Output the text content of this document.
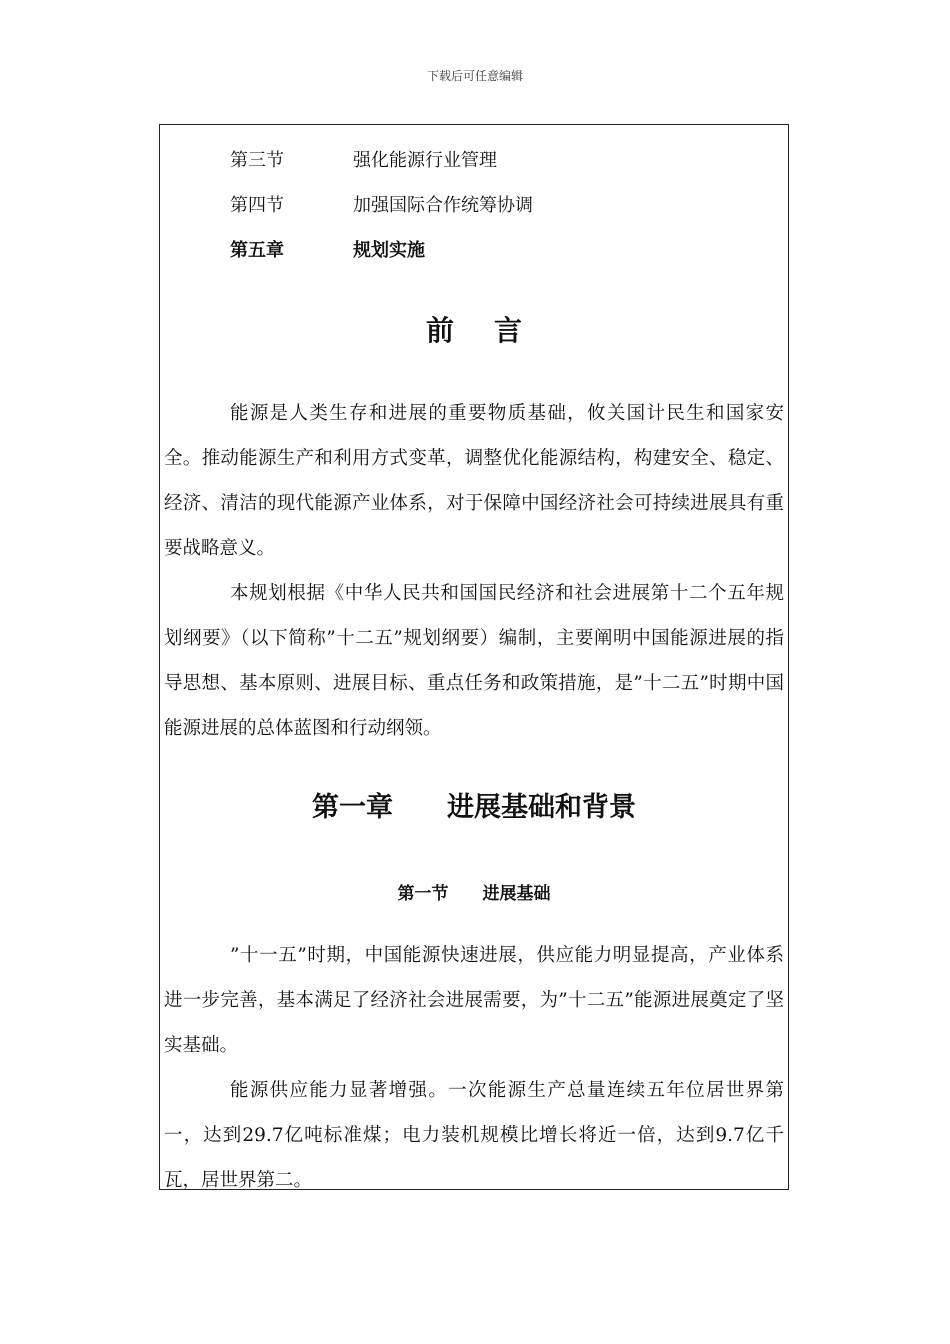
下载后可任意编辑
第三节	强化能源行业管理
第四节	加强国际合作统筹协调
第五章	规划实施
前言

能源是人类生存和进展的重要物质基础，攸关国计民生和国家安全。推动能源生产和利用方式变革，调整优化能源结构，构建安全、稳定、经济、清洁的现代能源产业体系，对于保障中国经济社会可持续进展具有重要战略意义。

本规划根据《中华人民共和国国民经济和社会进展第十二个五年规划纲要》（以下简称”十二五”规划纲要）编制，主要阐明中国能源进展的指导思想、基本原则、进展目标、重点任务和政策措施，是”十二五”时期中国能源进展的总体蓝图和行动纲领。

第一章　　进展基础和背景
第一节　　进展基础

”十一五”时期，中国能源快速进展，供应能力明显提高，产业体系进一步完善，基本满足了经济社会进展需要，为”十二五”能源进展奠定了坚实基础。

能源供应能力显著增强。一次能源生产总量连续五年位居世界第一，达到29.7亿吨标准煤；电力装机规模比增长将近一倍，达到9.7亿千瓦，居世界第二。
